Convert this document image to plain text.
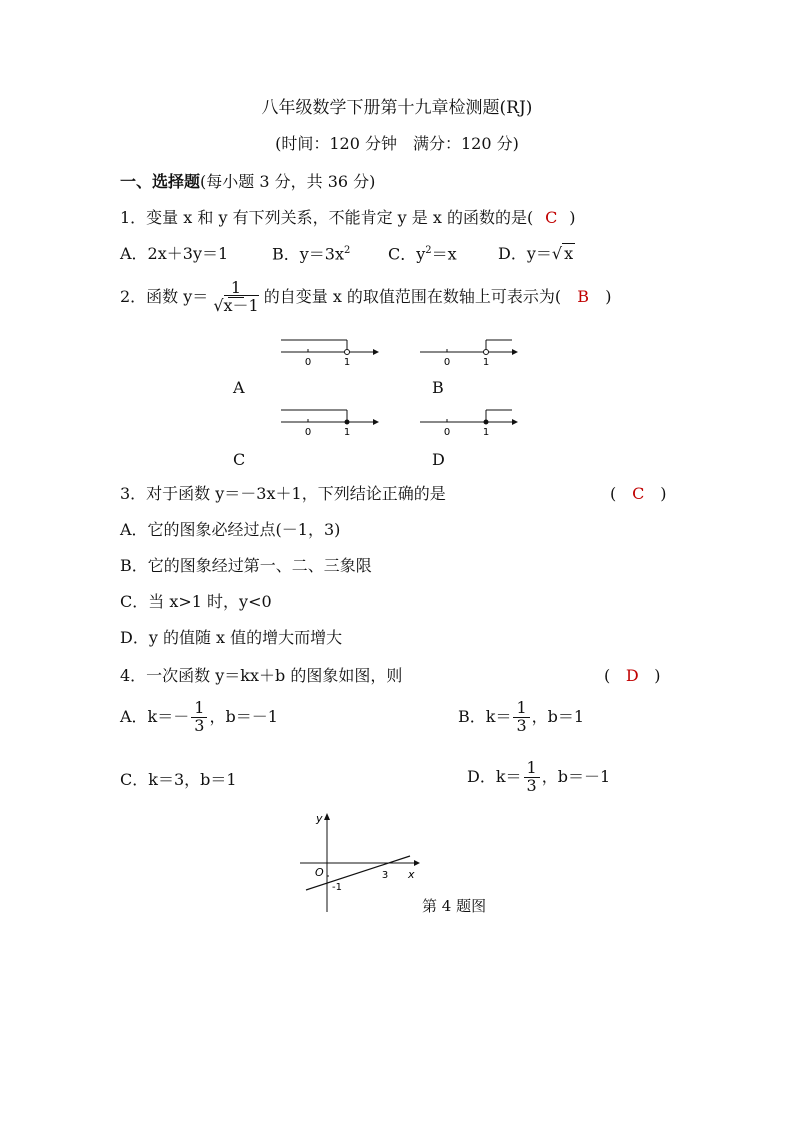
八年级数学下册第十九章检测题(RJ)
(时间：120 分钟　满分：120 分)
一、选择题(每小题 3 分，共 36 分)
1．变量 x 和 y 有下列关系，不能肯定 y 是 x 的函数的是( C )
A．2x＋3y＝1	B．$y=3x^2$ C．$y^2=x$	D．y＝√ x
2．函数 $y= \frac{1}{√x-1}$ 的自变量 x 的取值范围在数轴上可表示为( B )
0	1	0	1
A	B
0	1	0	1
C	D
3．对于函数 y＝－3x＋1，下列结论正确的是	( C )
A．它的图象必经过点(－1，3)
B．它的图象经过第一、二、三象限
C．当 x>1 时，y<0
D．y 的值随 x 值的增大而增大
4．一次函数 y＝kx＋b 的图象如图，则	( D )
A．$k=- \frac{1}{3}$ ，b＝－1	B．$k= \frac{1}{3}$ ，b＝1
C．k＝3，b＝1	D．$k= \frac{1}{3}$ ，b＝－1
y
x
O	3
-1
第 4 题图
